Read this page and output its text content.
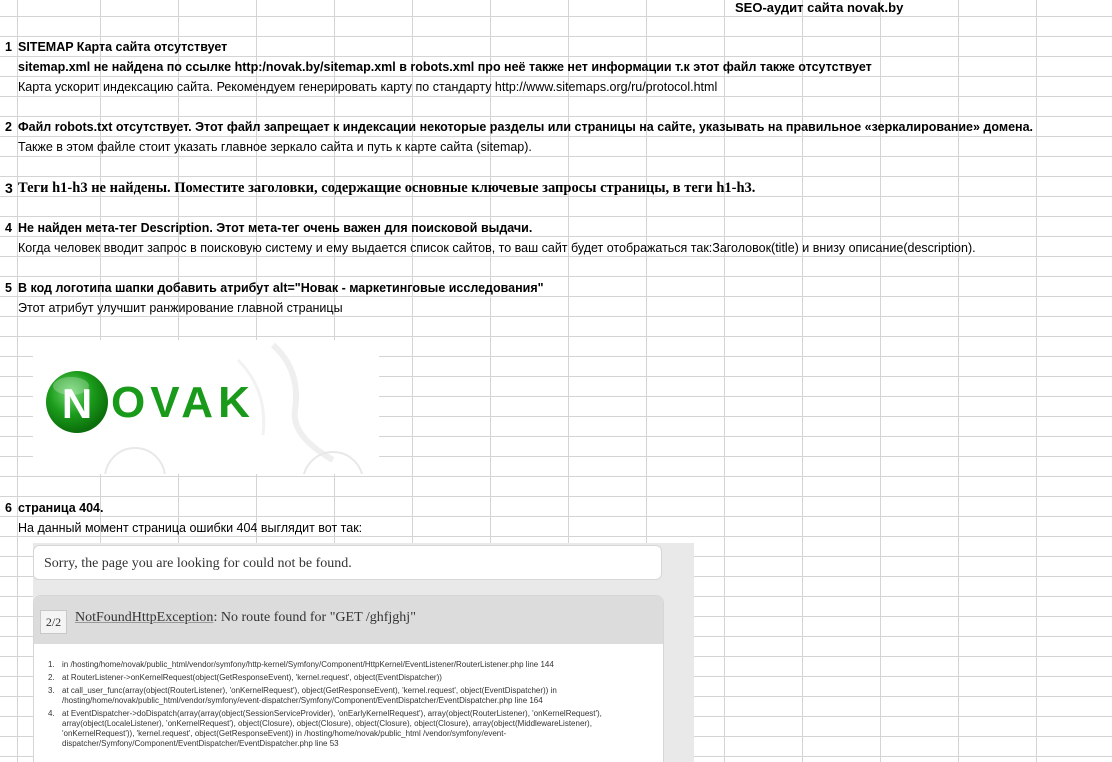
SEO-аудит сайта novak.by
1 SITEMAP Карта сайта отсутствует
sitemap.xml не найдена по ссылке http:/novak.by/sitemap.xml в robots.xml про неё также нет информации т.к этот файл также отсутствует
Карта ускорит индексацию сайта. Рекомендуем генерировать карту по стандарту http://www.sitemaps.org/ru/protocol.html
2 Файл robots.txt отсутствует. Этот файл запрещает к индексации некоторые разделы или страницы на сайте, указывать на правильное «зеркалирование» домена.
Также в этом файле стоит указать главное зеркало сайта и путь к карте сайта (sitemap).
3 Теги h1-h3 не найдены. Поместите заголовки, содержащие основные ключевые запросы страницы, в теги h1-h3.
4 Не найден мета-тег Description. Этот мета-тег очень важен для поисковой выдачи.
Когда человек вводит запрос в поисковую систему и ему выдается список сайтов, то ваш сайт будет отображаться так:Заголовок(title) и внизу описание(description).
5 В код логотипа шапки добавить атрибут alt="Новак - маркетинговые исследования"
Этот атрибут улучшит ранжирование главной страницы
N OVAK
6 страница 404.
На данный момент страница ошибки 404 выглядит вот так:
Sorry, the page you are looking for could not be found.
2/2 NotFoundHttpException: No route found for "GET /ghfjghj"
1. in /hosting/home/novak/public_html/vendor/symfony/http-kernel/Symfony/Component/HttpKernel/EventListener/RouterListener.php line 144
2. at RouterListener->onKernelRequest(object(GetResponseEvent), 'kernel.request', object(EventDispatcher))
3. at call_user_func(array(object(RouterListener), 'onKernelRequest'), object(GetResponseEvent), 'kernel.request', object(EventDispatcher)) in /hosting/home/novak/public_html/vendor/symfony/event-dispatcher/Symfony/Component/EventDispatcher/EventDispatcher.php line 164
4. at EventDispatcher->doDispatch(array(array(object(SessionServiceProvider), 'onEarlyKernelRequest'), array(object(RouterListener), 'onKernelRequest'), array(object(LocaleListener), 'onKernelRequest'), object(Closure), object(Closure), object(Closure), object(Closure), array(object(MiddlewareListener), 'onKernelRequest')), 'kernel.request', object(GetResponseEvent)) in /hosting/home/novak/public_html /vendor/symfony/event-dispatcher/Symfony/Component/EventDispatcher/EventDispatcher.php line 53
